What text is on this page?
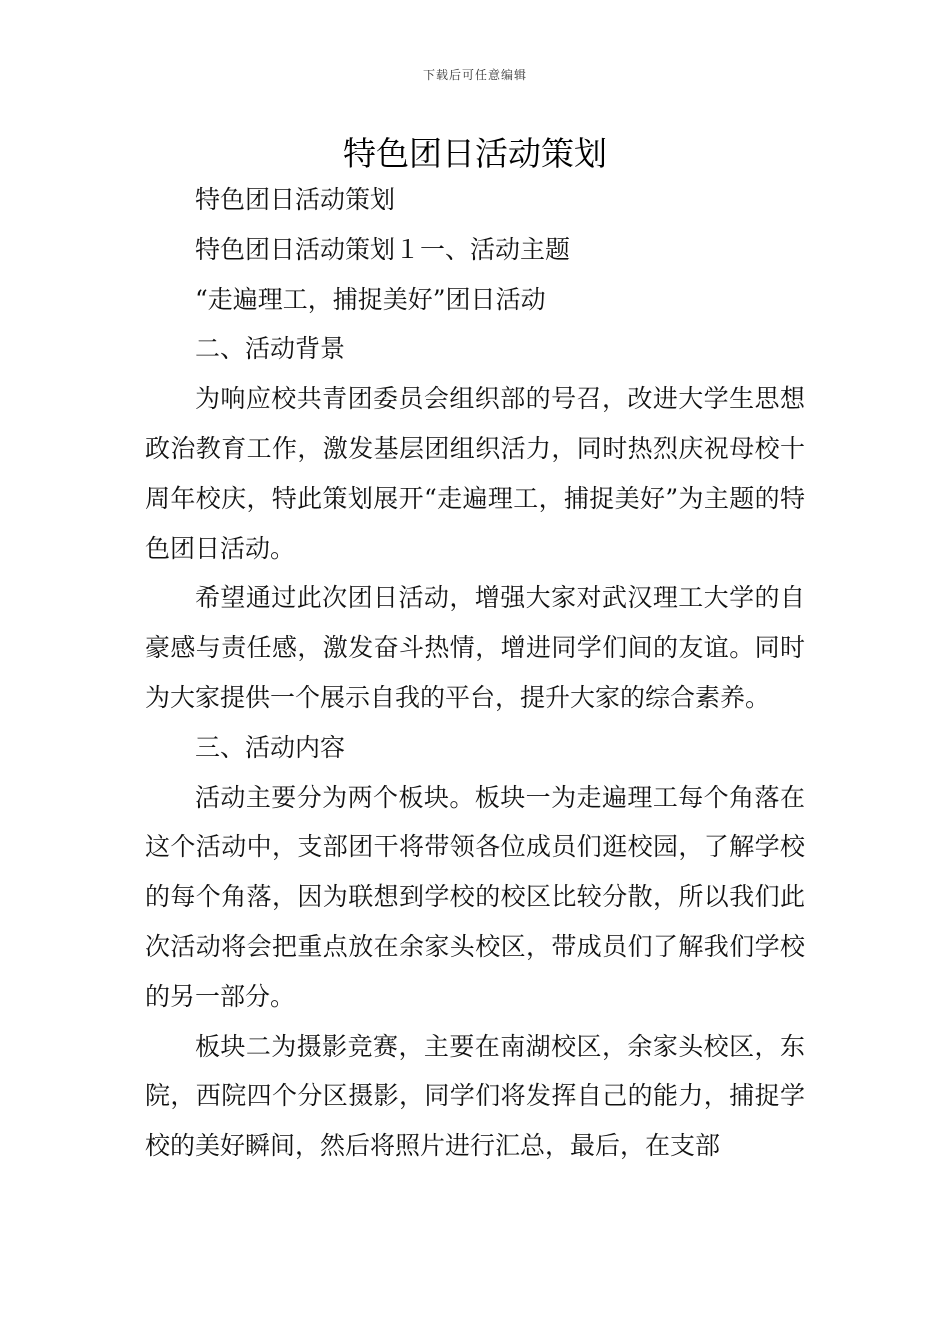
下载后可任意编辑
特色团日活动策划

特色团日活动策划

特色团日活动策划１一、活动主题

“走遍理工，捕捉美好”团日活动

二、活动背景

为响应校共青团委员会组织部的号召，改进大学生思想政治教育工作，激发基层团组织活力，同时热烈庆祝母校十周年校庆，特此策划展开“走遍理工，捕捉美好”为主题的特色团日活动。

希望通过此次团日活动，增强大家对武汉理工大学的自豪感与责任感，激发奋斗热情，增进同学们间的友谊。同时为大家提供一个展示自我的平台，提升大家的综合素养。

三、活动内容

活动主要分为两个板块。板块一为走遍理工每个角落在这个活动中，支部团干将带领各位成员们逛校园，了解学校的每个角落，因为联想到学校的校区比较分散，所以我们此次活动将会把重点放在余家头校区，带成员们了解我们学校的另一部分。

板块二为摄影竞赛，主要在南湖校区，余家头校区，东院，西院四个分区摄影，同学们将发挥自己的能力，捕捉学校的美好瞬间，然后将照片进行汇总，最后，在支部
